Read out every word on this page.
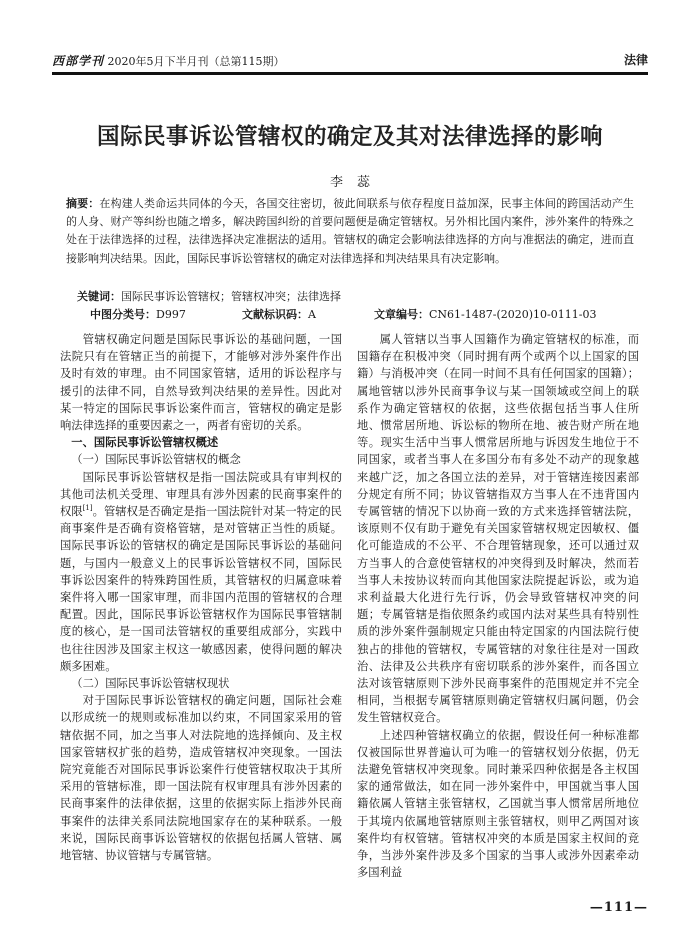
西部学刊 2020年5月下半月刊（总第115期）	法律
国际民事诉讼管辖权的确定及其对法律选择的影响
李蕊
摘要：在构建人类命运共同体的今天，各国交往密切，彼此间联系与依存程度日益加深，民事主体间的跨国活动产生的人身、财产等纠纷也随之增多，解决跨国纠纷的首要问题便是确定管辖权。另外相比国内案件，涉外案件的特殊之处在于法律选择的过程，法律选择决定准据法的适用。管辖权的确定会影响法律选择的方向与准据法的确定，进而直接影响判决结果。因此，国际民事诉讼管辖权的确定对法律选择和判决结果具有决定影响。
关键词：国际民事诉讼管辖权；管辖权冲突；法律选择
中图分类号：D997	文献标识码：A	文章编号：CN61-1487-(2020)10-0111-03

管辖权确定问题是国际民事诉讼的基础问题，一国法院只有在管辖正当的前提下，才能够对涉外案件作出及时有效的审理。由不同国家管辖，适用的诉讼程序与援引的法律不同，自然导致判决结果的差异性。因此对某一特定的国际民事诉讼案件而言，管辖权的确定是影响法律选择的重要因素之一，两者有密切的关系。

一、国际民事诉讼管辖权概述
（一）国际民事诉讼管辖权的概念

国际民事诉讼管辖权是指一国法院或具有审判权的其他司法机关受理、审理具有涉外因素的民商事案件的权限[1]。管辖权是否确定是指一国法院针对某一特定的民商事案件是否确有资格管辖，是对管辖正当性的质疑。国际民事诉讼的管辖权的确定是国际民事诉讼的基础问题，与国内一般意义上的民事诉讼管辖权不同，国际民事诉讼因案件的特殊跨国性质，其管辖权的归属意味着案件将入哪一国家审理，而非国内范围的管辖权的合理配置。因此，国际民事诉讼管辖权作为国际民事管辖制度的核心，是一国司法管辖权的重要组成部分，实践中也往往因涉及国家主权这一敏感因素，使得问题的解决颇多困难。

（二）国际民事诉讼管辖权现状

对于国际民事诉讼管辖权的确定问题，国际社会难以形成统一的规则或标准加以约束，不同国家采用的管辖依据不同，加之当事人对法院地的选择倾向、及主权国家管辖权扩张的趋势，造成管辖权冲突现象。一国法院究竟能否对国际民事诉讼案件行使管辖权取决于其所采用的管辖标准，即一国法院有权审理具有涉外因素的民商事案件的法律依据，这里的依据实际上指涉外民商事案件的法律关系同法院地国家存在的某种联系。一般来说，国际民商事诉讼管辖权的依据包括属人管辖、属地管辖、协议管辖与专属管辖。

属人管辖以当事人国籍作为确定管辖权的标准，而国籍存在积极冲突（同时拥有两个或两个以上国家的国籍）与消极冲突（在同一时间不具有任何国家的国籍）；属地管辖以涉外民商事争议与某一国领域或空间上的联系作为确定管辖权的依据，这些依据包括当事人住所地、惯常居所地、诉讼标的物所在地、被告财产所在地等。现实生活中当事人惯常居所地与诉因发生地位于不同国家，或者当事人在多国分布有多处不动产的现象越来越广泛，加之各国立法的差异，对于管辖连接因素部分规定有所不同；协议管辖指双方当事人在不违背国内专属管辖的情况下以协商一致的方式来选择管辖法院，该原则不仅有助于避免有关国家管辖权规定因敏权、僵化可能造成的不公平、不合理管辖现象，还可以通过双方当事人的合意使管辖权的冲突得到及时解决，然而若当事人未按协议转而向其他国家法院提起诉讼，或为追求利益最大化进行先行诉，仍会导致管辖权冲突的问题；专属管辖是指依照条约或国内法对某些具有特别性质的涉外案件强制规定只能由特定国家的内国法院行使独占的排他的管辖权，专属管辖的对象往往是对一国政治、法律及公共秩序有密切联系的涉外案件，而各国立法对该管辖原则下涉外民商事案件的范围规定并不完全相同，当根据专属管辖原则确定管辖权归属问题，仍会发生管辖权竞合。

上述四种管辖权确立的依据，假设任何一种标准都仅被国际世界普遍认可为唯一的管辖权划分依据，仍无法避免管辖权冲突现象。同时兼采四种依据是各主权国家的通常做法，如在同一涉外案件中，甲国就当事人国籍依属人管辖主张管辖权，乙国就当事人惯常居所地位于其境内依属地管辖原则主张管辖权，则甲乙两国对该案件均有权管辖。管辖权冲突的本质是国家主权间的竞争，当涉外案件涉及多个国家的当事人或涉外因素牵动多国利益

—111—
